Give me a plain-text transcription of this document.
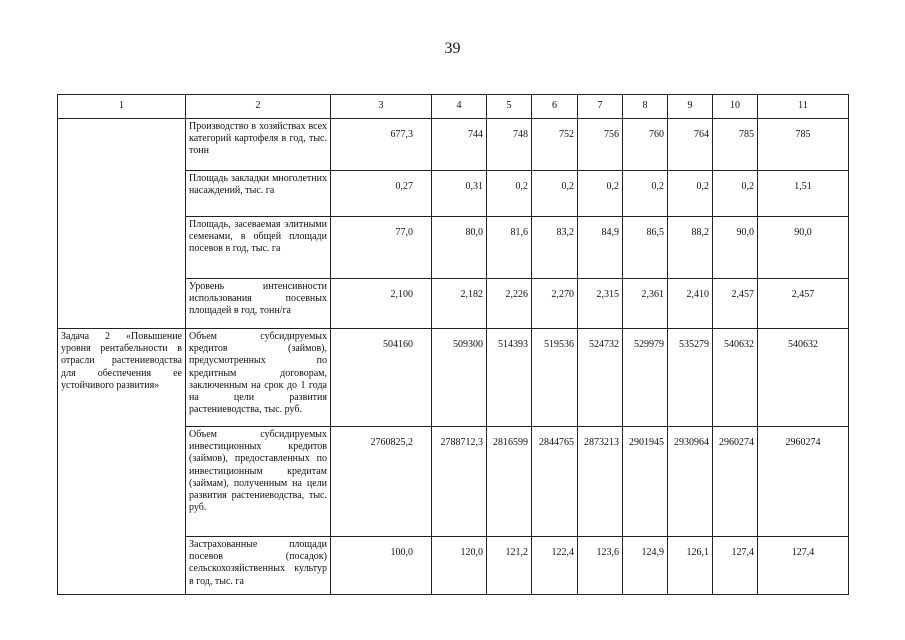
39
1	2	3	4	5	6	7	8	9	10	11
	Производство в хозяйствах всех категорий картофеля в год, тыс. тонн	677,3	744	748	752	756	760	764	785	785
	Площадь закладки многолетних насаждений, тыс. га	0,27	0,31	0,2	0,2	0,2	0,2	0,2	0,2	1,51
	Площадь, засеваемая элитными семенами, в общей площади посевов в год, тыс. га	77,0	80,0	81,6	83,2	84,9	86,5	88,2	90,0	90,0
	Уровень интенсивности использования посевных площадей в год, тонн/га	2,100	2,182	2,226	2,270	2,315	2,361	2,410	2,457	2,457
Задача 2 «Повышение уровня рентабельности в отрасли растениеводства для обеспечения ее устойчивого развития»	Объем субсидируемых кредитов (займов), предусмотренных по кредитным договорам, заключенным на срок до 1 года на цели развития растениеводства, тыс. руб.	504160	509300	514393	519536	524732	529979	535279	540632	540632
	Объем субсидируемых инвестиционных кредитов (займов), предоставленных по инвестиционным кредитам (займам), полученным на цели развития растениеводства, тыс. руб.	2760825,2	2788712,3	2816599	2844765	2873213	2901945	2930964	2960274	2960274
	Застрахованные площади посевов (посадок) сельскохозяйственных культур в год, тыс. га	100,0	120,0	121,2	122,4	123,6	124,9	126,1	127,4	127,4
